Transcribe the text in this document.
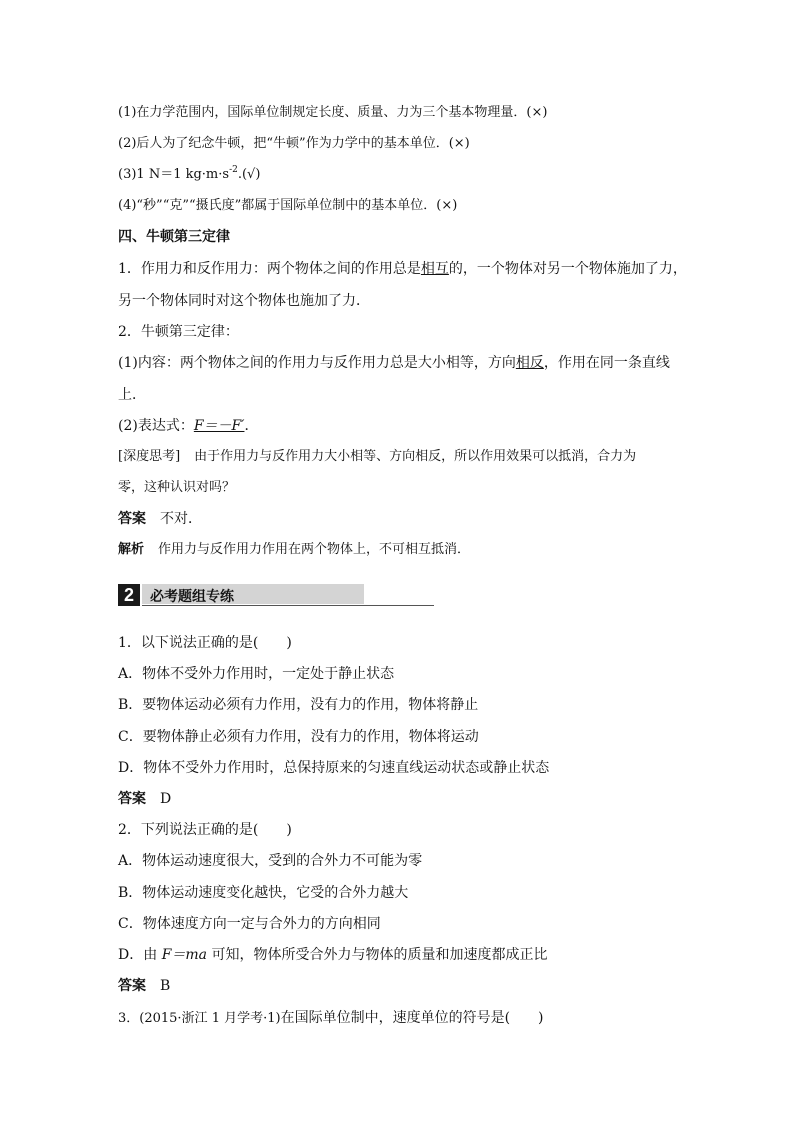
(1)在力学范围内，国际单位制规定长度、质量、力为三个基本物理量．(×)
(2)后人为了纪念牛顿，把“牛顿”作为力学中的基本单位．(×)
(3)1 N＝1 $kg\cdot m\cdot s^{-2}.(√)$
(4)“秒”“克”“摄氏度”都属于国际单位制中的基本单位．(×)
四、牛顿第三定律
1．作用力和反作用力：两个物体之间的作用总是相互的，一个物体对另一个物体施加了力，
另一个物体同时对这个物体也施加了力．
2．牛顿第三定律：
(1)内容：两个物体之间的作用力与反作用力总是大小相等，方向相反，作用在同一条直线
上．
(2)表达式：F＝－F′．
[深度思考] 由于作用力与反作用力大小相等、方向相反，所以作用效果可以抵消，合力为
零，这种认识对吗？
答案 不对．
解析 作用力与反作用力作用在两个物体上，不可相互抵消．
2	必考题组专练
1．以下说法正确的是(　　)
A．物体不受外力作用时，一定处于静止状态
B．要物体运动必须有力作用，没有力的作用，物体将静止
C．要物体静止必须有力作用，没有力的作用，物体将运动
D．物体不受外力作用时，总保持原来的匀速直线运动状态或静止状态
答案 D
2．下列说法正确的是(　　)
A．物体运动速度很大，受到的合外力不可能为零
B．物体运动速度变化越快，它受的合外力越大
C．物体速度方向一定与合外力的方向相同
D．由 F＝ma 可知，物体所受合外力与物体的质量和加速度都成正比
答案 B
3．(2015·浙江 1 月学考·1)在国际单位制中，速度单位的符号是(　　)
